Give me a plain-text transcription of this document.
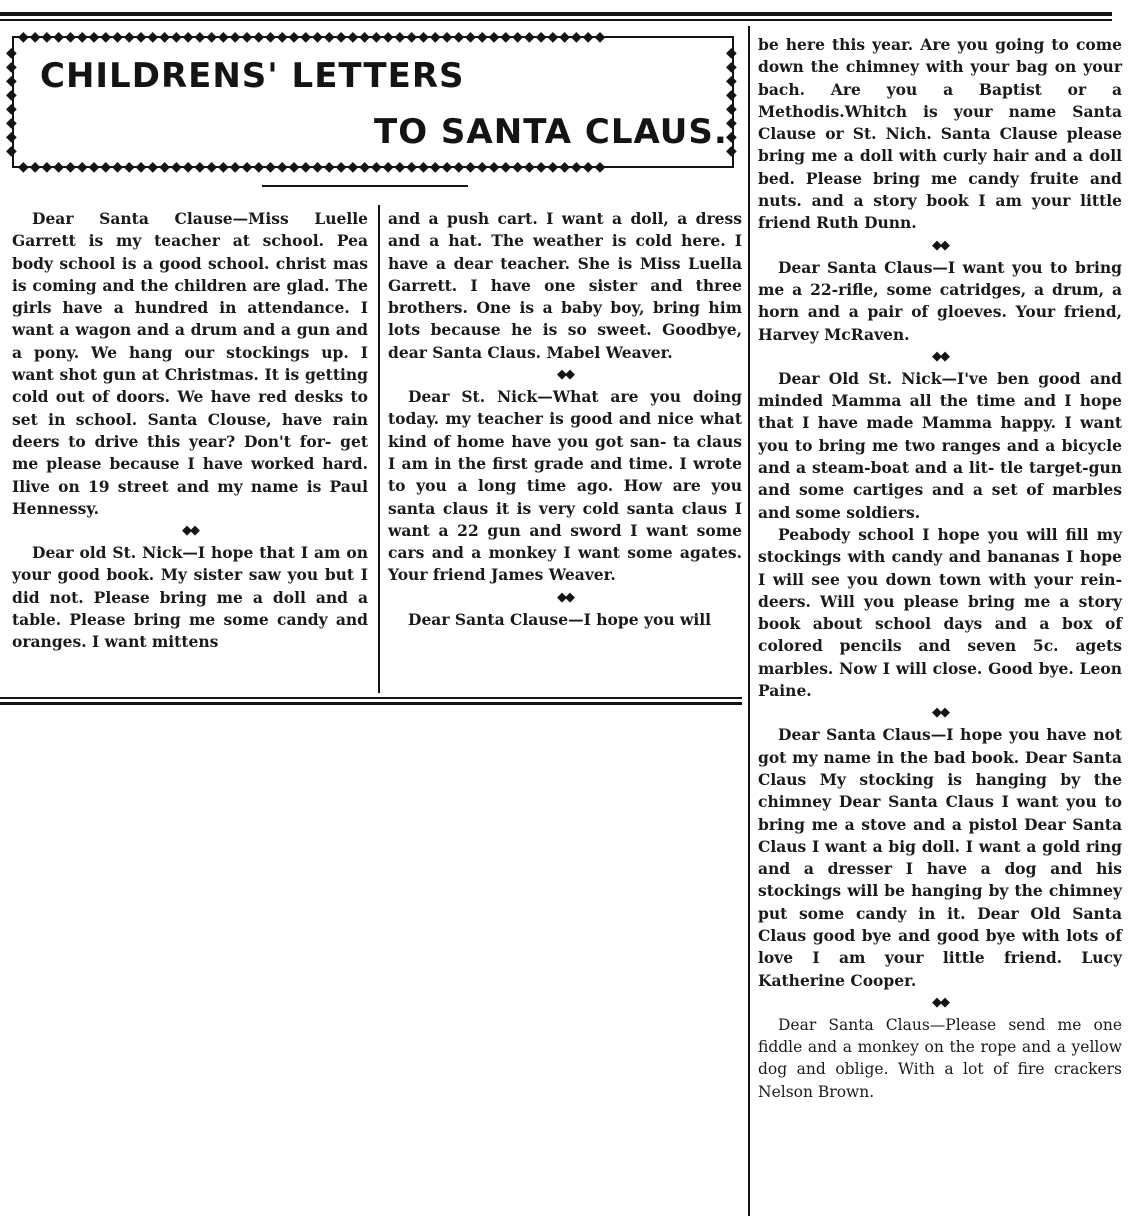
◆◆◆◆◆◆◆◆◆◆◆◆◆◆◆◆◆◆◆◆◆◆◆◆◆◆◆◆◆◆◆◆◆◆◆◆◆◆◆◆◆◆◆◆◆◆◆◆◆◆
◆◆◆◆◆◆◆◆◆◆◆◆◆◆◆◆◆◆◆◆◆◆◆◆◆◆◆◆◆◆◆◆◆◆◆◆◆◆◆◆◆◆◆◆◆◆◆◆◆◆
◆◆◆◆◆◆◆◆
◆◆◆◆◆◆◆◆
CHILDRENS' LETTERS
TO SANTA CLAUS.

Dear Santa Clause—Miss Luelle Garrett is my teacher at school. Pea body school is a good school. christ mas is coming and the children are glad. The girls have a hundred in attendance. I want a wagon and a drum and a gun and a pony. We hang our stockings up. I want shot gun at Christmas. It is getting cold out of doors. We have red desks to set in school. Santa Clouse, have rain deers to drive this year? Don't for- get me please because I have worked hard. Ilive on 19 street and my name is Paul Hennessy.

◆◆

Dear old St. Nick—I hope that I am on your good book. My sister saw you but I did not. Please bring me a doll and a table. Please bring me some candy and oranges. I want mittens

and a push cart. I want a doll, a dress and a hat. The weather is cold here. I have a dear teacher. She is Miss Luella Garrett. I have one sister and three brothers. One is a baby boy, bring him lots because he is so sweet. Goodbye, dear Santa Claus. Mabel Weaver.

◆◆

Dear St. Nick—What are you doing today. my teacher is good and nice what kind of home have you got san- ta claus I am in the first grade and time. I wrote to you a long time ago. How are you santa claus it is very cold santa claus I want a 22 gun and sword I want some cars and a monkey I want some agates. Your friend James Weaver.

◆◆

Dear Santa Clause—I hope you will

be here this year. Are you going to come down the chimney with your bag on your bach. Are you a Baptist or a Methodis.Whitch is your name Santa Clause or St. Nich. Santa Clause please bring me a doll with curly hair and a doll bed. Please bring me candy fruite and nuts. and a story book I am your little friend Ruth Dunn.

◆◆

Dear Santa Claus—I want you to bring me a 22-rifle, some catridges, a drum, a horn and a pair of gloeves. Your friend, Harvey McRaven.

◆◆

Dear Old St. Nick—I've ben good and minded Mamma all the time and I hope that I have made Mamma happy. I want you to bring me two ranges and a bicycle and a steam-boat and a lit- tle target-gun and some cartiges and a set of marbles and some soldiers.

Peabody school I hope you will fill my stockings with candy and bananas I hope I will see you down town with your rein-deers. Will you please bring me a story book about school days and a box of colored pencils and seven 5c. agets marbles. Now I will close. Good bye. Leon Paine.

◆◆

Dear Santa Claus—I hope you have not got my name in the bad book. Dear Santa Claus My stocking is hanging by the chimney Dear Santa Claus I want you to bring me a stove and a pistol Dear Santa Claus I want a big doll. I want a gold ring and a dresser I have a dog and his stockings will be hanging by the chimney put some candy in it. Dear Old Santa Claus good bye and good bye with lots of love I am your little friend. Lucy Katherine Cooper.

◆◆

Dear Santa Claus—Please send me one fiddle and a monkey on the rope and a yellow dog and oblige. With a lot of fire crackers Nelson Brown.
